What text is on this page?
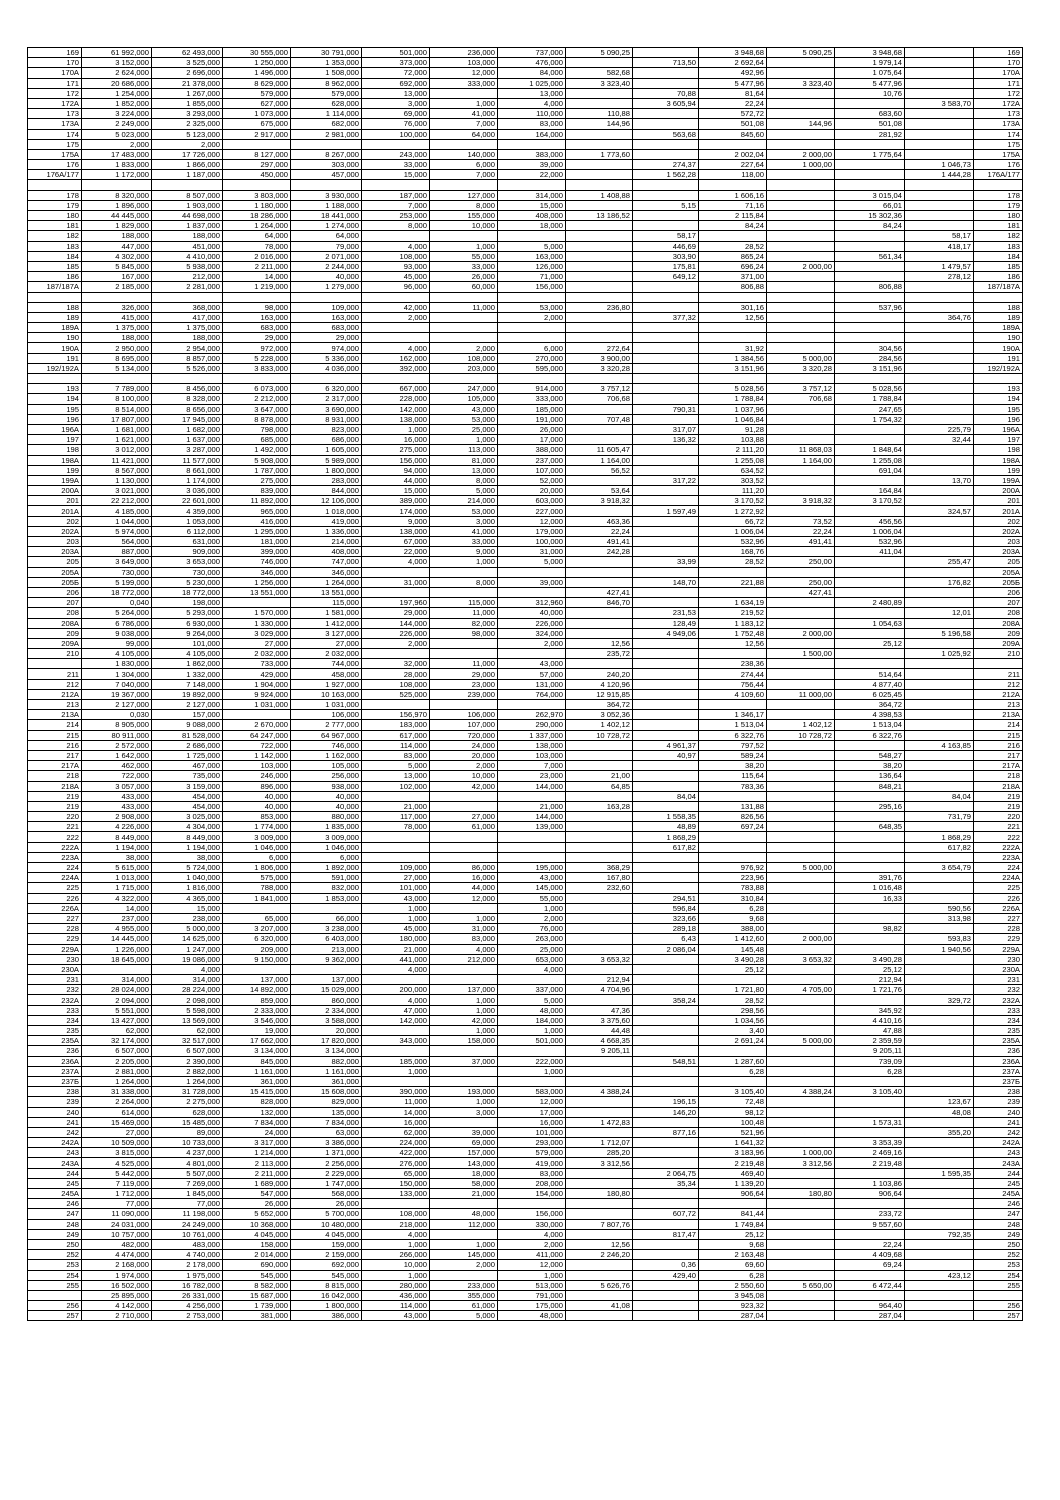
169	61 992,000	62 493,000	30 555,000	30 791,000	501,000	236,000	737,000	5 090,25		3 948,68	5 090,25	3 948,68		169
170	3 152,000	3 525,000	1 250,000	1 353,000	373,000	103,000	476,000		713,50	2 692,64		1 979,14		170
170А	2 624,000	2 696,000	1 496,000	1 508,000	72,000	12,000	84,000	582,68		492,96		1 075,64		170А
171	20 686,000	21 378,000	8 629,000	8 962,000	692,000	333,000	1 025,000	3 323,40		5 477,96	3 323,40	5 477,96		171
172	1 254,000	1 267,000	579,000	579,000	13,000		13,000		70,88	81,64		10,76		172
172А	1 852,000	1 855,000	627,000	628,000	3,000	1,000	4,000		3 605,94	22,24			3 583,70	172А
173	3 224,000	3 293,000	1 073,000	1 114,000	69,000	41,000	110,000	110,88		572,72		683,60		173
173А	2 249,000	2 325,000	675,000	682,000	76,000	7,000	83,000	144,96		501,08	144,96	501,08		173А
174	5 023,000	5 123,000	2 917,000	2 981,000	100,000	64,000	164,000		563,68	845,60		281,92		174
175	2,000	2,000												175
175А	17 483,000	17 726,000	8 127,000	8 267,000	243,000	140,000	383,000	1 773,60		2 002,04	2 000,00	1 775,64		175А
176	1 833,000	1 866,000	297,000	303,000	33,000	6,000	39,000		274,37	227,64	1 000,00		1 046,73	176
176А/177	1 172,000	1 187,000	450,000	457,000	15,000	7,000	22,000		1 562,28	118,00			1 444,28	176А/177

178	8 320,000	8 507,000	3 803,000	3 930,000	187,000	127,000	314,000	1 408,88		1 606,16		3 015,04		178
179	1 896,000	1 903,000	1 180,000	1 188,000	7,000	8,000	15,000		5,15	71,16		66,01		179
180	44 445,000	44 698,000	18 286,000	18 441,000	253,000	155,000	408,000	13 186,52		2 115,84		15 302,36		180
181	1 829,000	1 837,000	1 264,000	1 274,000	8,000	10,000	18,000			84,24		84,24		181
182	188,000	188,000	64,000	64,000					58,17				58,17	182
183	447,000	451,000	78,000	79,000	4,000	1,000	5,000		446,69	28,52			418,17	183
184	4 302,000	4 410,000	2 016,000	2 071,000	108,000	55,000	163,000		303,90	865,24		561,34		184
185	5 845,000	5 938,000	2 211,000	2 244,000	93,000	33,000	126,000		175,81	696,24	2 000,00		1 479,57	185
186	167,000	212,000	14,000	40,000	45,000	26,000	71,000		649,12	371,00			278,12	186
187/187А	2 185,000	2 281,000	1 219,000	1 279,000	96,000	60,000	156,000			806,88		806,88		187/187А

188	326,000	368,000	98,000	109,000	42,000	11,000	53,000	236,80		301,16		537,96		188
189	415,000	417,000	163,000	163,000	2,000		2,000		377,32	12,56			364,76	189
189А	1 375,000	1 375,000	683,000	683,000										189А
190	188,000	188,000	29,000	29,000										190
190А	2 950,000	2 954,000	972,000	974,000	4,000	2,000	6,000	272,64		31,92		304,56		190А
191	8 695,000	8 857,000	5 228,000	5 336,000	162,000	108,000	270,000	3 900,00		1 384,56	5 000,00	284,56		191
192/192А	5 134,000	5 526,000	3 833,000	4 036,000	392,000	203,000	595,000	3 320,28		3 151,96	3 320,28	3 151,96		192/192А

193	7 789,000	8 456,000	6 073,000	6 320,000	667,000	247,000	914,000	3 757,12		5 028,56	3 757,12	5 028,56		193
194	8 100,000	8 328,000	2 212,000	2 317,000	228,000	105,000	333,000	706,68		1 788,84	706,68	1 788,84		194
195	8 514,000	8 656,000	3 647,000	3 690,000	142,000	43,000	185,000		790,31	1 037,96		247,65		195
196	17 807,000	17 945,000	8 878,000	8 931,000	138,000	53,000	191,000	707,48		1 046,84		1 754,32		196
196А	1 681,000	1 682,000	798,000	823,000	1,000	25,000	26,000		317,07	91,28			225,79	196А
197	1 621,000	1 637,000	685,000	686,000	16,000	1,000	17,000		136,32	103,88			32,44	197
198	3 012,000	3 287,000	1 492,000	1 605,000	275,000	113,000	388,000	11 605,47		2 111,20	11 868,03	1 848,64		198
198А	11 421,000	11 577,000	5 908,000	5 989,000	156,000	81,000	237,000	1 164,00		1 255,08	1 164,00	1 255,08		198А
199	8 567,000	8 661,000	1 787,000	1 800,000	94,000	13,000	107,000	56,52		634,52		691,04		199
199А	1 130,000	1 174,000	275,000	283,000	44,000	8,000	52,000		317,22	303,52			13,70	199А
200А	3 021,000	3 036,000	839,000	844,000	15,000	5,000	20,000	53,64		111,20		164,84		200А
201	22 212,000	22 601,000	11 892,000	12 106,000	389,000	214,000	603,000	3 918,32		3 170,52	3 918,32	3 170,52		201
201А	4 185,000	4 359,000	965,000	1 018,000	174,000	53,000	227,000		1 597,49	1 272,92			324,57	201А
202	1 044,000	1 053,000	416,000	419,000	9,000	3,000	12,000	463,36		66,72	73,52	456,56		202
202А	5 974,000	6 112,000	1 295,000	1 336,000	138,000	41,000	179,000	22,24		1 006,04	22,24	1 006,04		202А
203	564,000	631,000	181,000	214,000	67,000	33,000	100,000	491,41		532,96	491,41	532,96		203
203А	887,000	909,000	399,000	408,000	22,000	9,000	31,000	242,28		168,76		411,04		203А
205	3 649,000	3 653,000	746,000	747,000	4,000	1,000	5,000		33,99	28,52	250,00		255,47	205
205А	730,000	730,000	346,000	346,000										205А
205Б	5 199,000	5 230,000	1 256,000	1 264,000	31,000	8,000	39,000		148,70	221,88	250,00		176,82	205Б
206	18 772,000	18 772,000	13 551,000	13 551,000				427,41			427,41			206
207	0,040	198,000		115,000	197,960	115,000	312,960	846,70		1 634,19		2 480,89		207
208	5 264,000	5 293,000	1 570,000	1 581,000	29,000	11,000	40,000		231,53	219,52			12,01	208
208А	6 786,000	6 930,000	1 330,000	1 412,000	144,000	82,000	226,000		128,49	1 183,12		1 054,63		208А
209	9 038,000	9 264,000	3 029,000	3 127,000	226,000	98,000	324,000		4 949,06	1 752,48	2 000,00		5 196,58	209
209А	99,000	101,000	27,000	27,000	2,000		2,000	12,56		12,56		25,12		209А
210	4 105,000	4 105,000	2 032,000	2 032,000				235,72			1 500,00		1 025,92	210
	1 830,000	1 862,000	733,000	744,000	32,000	11,000	43,000			238,36				
211	1 304,000	1 332,000	429,000	458,000	28,000	29,000	57,000	240,20		274,44		514,64		211
212	7 040,000	7 148,000	1 904,000	1 927,000	108,000	23,000	131,000	4 120,96		756,44		4 877,40		212
212А	19 367,000	19 892,000	9 924,000	10 163,000	525,000	239,000	764,000	12 915,85		4 109,60	11 000,00	6 025,45		212А
213	2 127,000	2 127,000	1 031,000	1 031,000				364,72				364,72		213
213А	0,030	157,000		106,000	156,970	106,000	262,970	3 052,36		1 346,17		4 398,53		213А
214	8 905,000	9 088,000	2 670,000	2 777,000	183,000	107,000	290,000	1 402,12		1 513,04	1 402,12	1 513,04		214
215	80 911,000	81 528,000	64 247,000	64 967,000	617,000	720,000	1 337,000	10 728,72		6 322,76	10 728,72	6 322,76		215
216	2 572,000	2 686,000	722,000	746,000	114,000	24,000	138,000		4 961,37	797,52			4 163,85	216
217	1 642,000	1 725,000	1 142,000	1 162,000	83,000	20,000	103,000		40,97	589,24		548,27		217
217А	462,000	467,000	103,000	105,000	5,000	2,000	7,000			38,20		38,20		217А
218	722,000	735,000	246,000	256,000	13,000	10,000	23,000	21,00		115,64		136,64		218
218А	3 057,000	3 159,000	896,000	938,000	102,000	42,000	144,000	64,85		783,36		848,21		218А
219	433,000	454,000	40,000	40,000					84,04				84,04	219
219	433,000	454,000	40,000	40,000	21,000		21,000	163,28		131,88		295,16		219
220	2 908,000	3 025,000	853,000	880,000	117,000	27,000	144,000		1 558,35	826,56			731,79	220
221	4 226,000	4 304,000	1 774,000	1 835,000	78,000	61,000	139,000		48,89	697,24		648,35		221
222	8 449,000	8 449,000	3 009,000	3 009,000					1 868,29				1 868,29	222
222А	1 194,000	1 194,000	1 046,000	1 046,000					617,82				617,82	222А
223А	38,000	38,000	6,000	6,000										223А
224	5 615,000	5 724,000	1 806,000	1 892,000	109,000	86,000	195,000	368,29		976,92	5 000,00		3 654,79	224
224А	1 013,000	1 040,000	575,000	591,000	27,000	16,000	43,000	167,80		223,96		391,76		224А
225	1 715,000	1 816,000	788,000	832,000	101,000	44,000	145,000	232,60		783,88		1 016,48		225
226	4 322,000	4 365,000	1 841,000	1 853,000	43,000	12,000	55,000		294,51	310,84		16,33		226
226А	14,000	15,000			1,000		1,000		596,84	6,28			590,56	226А
227	237,000	238,000	65,000	66,000	1,000	1,000	2,000		323,66	9,68			313,98	227
228	4 955,000	5 000,000	3 207,000	3 238,000	45,000	31,000	76,000		289,18	388,00		98,82		228
229	14 445,000	14 625,000	6 320,000	6 403,000	180,000	83,000	263,000		6,43	1 412,60	2 000,00		593,83	229
229А	1 226,000	1 247,000	209,000	213,000	21,000	4,000	25,000		2 086,04	145,48			1 940,56	229А
230	18 645,000	19 086,000	9 150,000	9 362,000	441,000	212,000	653,000	3 653,32		3 490,28	3 653,32	3 490,28		230
230А		4,000			4,000		4,000			25,12		25,12		230А
231	314,000	314,000	137,000	137,000				212,94				212,94		231
232	28 024,000	28 224,000	14 892,000	15 029,000	200,000	137,000	337,000	4 704,96		1 721,80	4 705,00	1 721,76		232
232А	2 094,000	2 098,000	859,000	860,000	4,000	1,000	5,000		358,24	28,52			329,72	232А
233	5 551,000	5 598,000	2 333,000	2 334,000	47,000	1,000	48,000	47,36		298,56		345,92		233
234	13 427,000	13 569,000	3 546,000	3 588,000	142,000	42,000	184,000	3 375,60		1 034,56		4 410,16		234
235	62,000	62,000	19,000	20,000		1,000	1,000	44,48		3,40		47,88		235
235А	32 174,000	32 517,000	17 662,000	17 820,000	343,000	158,000	501,000	4 668,35		2 691,24	5 000,00	2 359,59		235А
236	6 507,000	6 507,000	3 134,000	3 134,000				9 205,11				9 205,11		236
236А	2 205,000	2 390,000	845,000	882,000	185,000	37,000	222,000		548,51	1 287,60		739,09		236А
237А	2 881,000	2 882,000	1 161,000	1 161,000	1,000		1,000			6,28		6,28		237А
237Б	1 264,000	1 264,000	361,000	361,000										237Б
238	31 338,000	31 728,000	15 415,000	15 608,000	390,000	193,000	583,000	4 388,24		3 105,40	4 388,24	3 105,40		238
239	2 264,000	2 275,000	828,000	829,000	11,000	1,000	12,000		196,15	72,48			123,67	239
240	614,000	628,000	132,000	135,000	14,000	3,000	17,000		146,20	98,12			48,08	240
241	15 469,000	15 485,000	7 834,000	7 834,000	16,000		16,000	1 472,83		100,48		1 573,31		241
242	27,000	89,000	24,000	63,000	62,000	39,000	101,000		877,16	521,96			355,20	242
242А	10 509,000	10 733,000	3 317,000	3 386,000	224,000	69,000	293,000	1 712,07		1 641,32		3 353,39		242А
243	3 815,000	4 237,000	1 214,000	1 371,000	422,000	157,000	579,000	285,20		3 183,96	1 000,00	2 469,16		243
243А	4 525,000	4 801,000	2 113,000	2 256,000	276,000	143,000	419,000	3 312,56		2 219,48	3 312,56	2 219,48		243А
244	5 442,000	5 507,000	2 211,000	2 229,000	65,000	18,000	83,000		2 064,75	469,40			1 595,35	244
245	7 119,000	7 269,000	1 689,000	1 747,000	150,000	58,000	208,000		35,34	1 139,20		1 103,86		245
245А	1 712,000	1 845,000	547,000	568,000	133,000	21,000	154,000	180,80		906,64	180,80	906,64		245А
246	77,000	77,000	26,000	26,000										246
247	11 090,000	11 198,000	5 652,000	5 700,000	108,000	48,000	156,000		607,72	841,44		233,72		247
248	24 031,000	24 249,000	10 368,000	10 480,000	218,000	112,000	330,000	7 807,76		1 749,84		9 557,60		248
249	10 757,000	10 761,000	4 045,000	4 045,000	4,000		4,000		817,47	25,12			792,35	249
250	482,000	483,000	158,000	159,000	1,000	1,000	2,000	12,56		9,68		22,24		250
252	4 474,000	4 740,000	2 014,000	2 159,000	266,000	145,000	411,000	2 246,20		2 163,48		4 409,68		252
253	2 168,000	2 178,000	690,000	692,000	10,000	2,000	12,000		0,36	69,60		69,24		253
254	1 974,000	1 975,000	545,000	545,000	1,000		1,000		429,40	6,28			423,12	254
255	16 502,000	16 782,000	8 582,000	8 815,000	280,000	233,000	513,000	5 626,76		2 550,60	5 650,00	6 472,44		255
	25 895,000	26 331,000	15 687,000	16 042,000	436,000	355,000	791,000			3 945,08				
256	4 142,000	4 256,000	1 739,000	1 800,000	114,000	61,000	175,000	41,08		923,32		964,40		256
257	2 710,000	2 753,000	381,000	386,000	43,000	5,000	48,000			287,04		287,04		257
